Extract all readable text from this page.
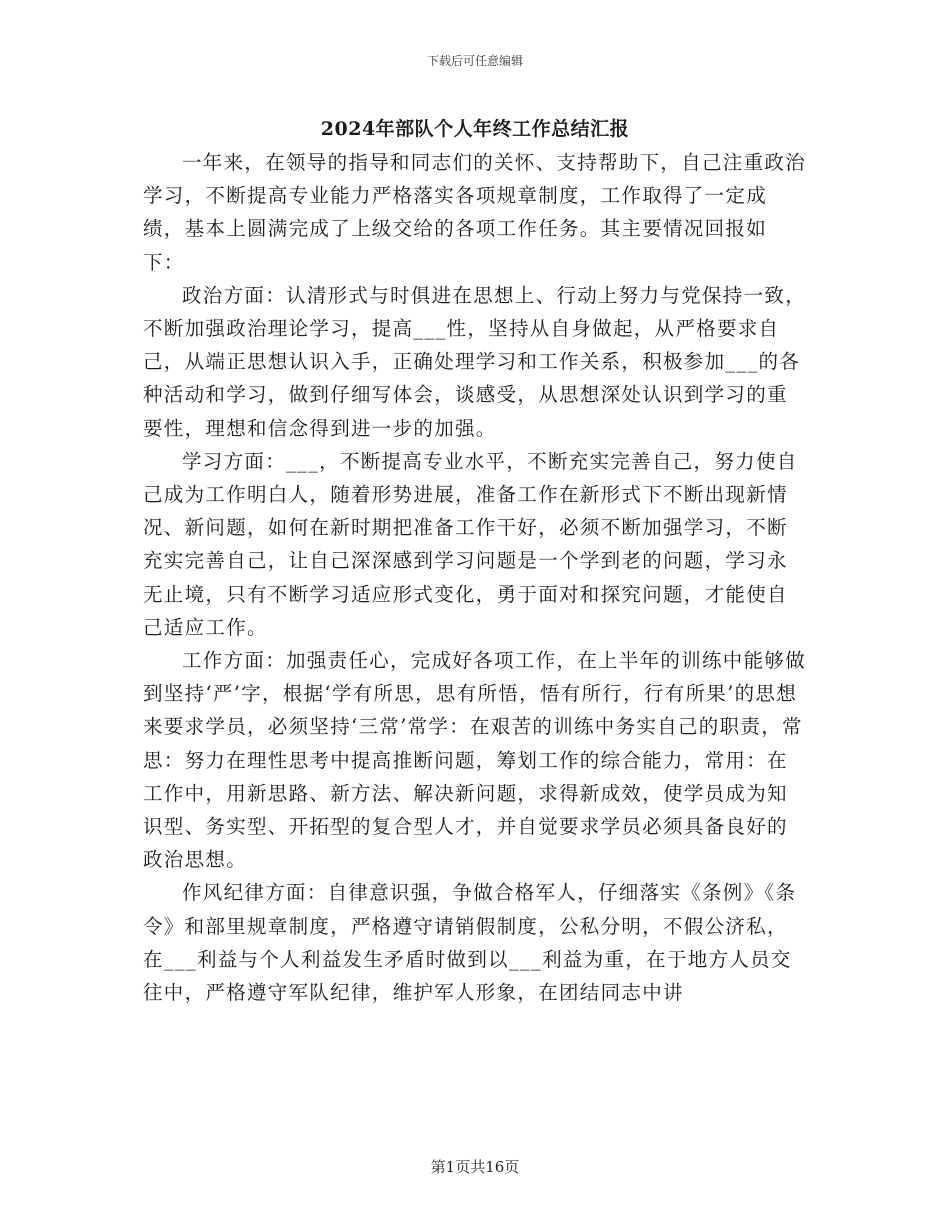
下载后可任意编辑
2024年部队个人年终工作总结汇报

一年来，在领导的指导和同志们的关怀、支持帮助下，自己注重政治学习，不断提高专业能力严格落实各项规章制度，工作取得了一定成绩，基本上圆满完成了上级交给的各项工作任务。其主要情况回报如下：

政治方面：认清形式与时俱进在思想上、行动上努力与党保持一致，不断加强政治理论学习，提高___性，坚持从自身做起，从严格要求自己，从端正思想认识入手，正确处理学习和工作关系，积极参加___的各种活动和学习，做到仔细写体会，谈感受，从思想深处认识到学习的重要性，理想和信念得到进一步的加强。

学习方面：___，不断提高专业水平，不断充实完善自己，努力使自己成为工作明白人，随着形势进展，准备工作在新形式下不断出现新情况、新问题，如何在新时期把准备工作干好，必须不断加强学习，不断充实完善自己，让自己深深感到学习问题是一个学到老的问题，学习永无止境，只有不断学习适应形式变化，勇于面对和探究问题，才能使自己适应工作。

工作方面：加强责任心，完成好各项工作，在上半年的训练中能够做到坚持‘严’字，根据‘学有所思，思有所悟，悟有所行，行有所果’的思想来要求学员，必须坚持‘三常’常学：在艰苦的训练中务实自己的职责，常思：努力在理性思考中提高推断问题，筹划工作的综合能力，常用：在工作中，用新思路、新方法、解决新问题，求得新成效，使学员成为知识型、务实型、开拓型的复合型人才，并自觉要求学员必须具备良好的政治思想。

作风纪律方面：自律意识强，争做合格军人，仔细落实《条例》《条令》和部里规章制度，严格遵守请销假制度，公私分明，不假公济私，在___利益与个人利益发生矛盾时做到以___利益为重，在于地方人员交往中，严格遵守军队纪律，维护军人形象，在团结同志中讲

第1页共16页
